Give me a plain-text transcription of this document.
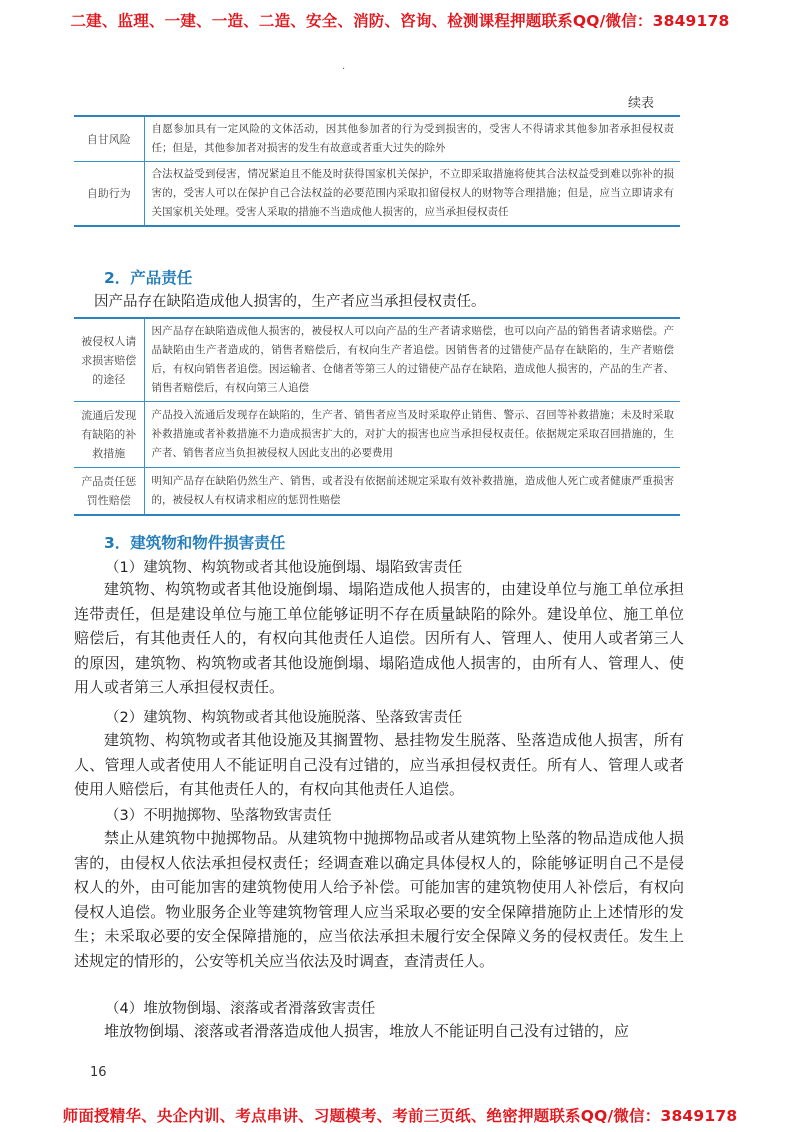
二建、监理、一建、一造、二造、安全、消防、咨询、检测课程押题联系QQ/微信：3849178
·
续表
自甘风险	自愿参加具有一定风险的文体活动，因其他参加者的行为受到损害的，受害人不得请求其他参加者承担侵权责任；但是，其他参加者对损害的发生有故意或者重大过失的除外
自助行为	合法权益受到侵害，情况紧迫且不能及时获得国家机关保护，不立即采取措施将使其合法权益受到难以弥补的损害的，受害人可以在保护自己合法权益的必要范围内采取扣留侵权人的财物等合理措施；但是，应当立即请求有关国家机关处理。受害人采取的措施不当造成他人损害的，应当承担侵权责任
2．产品责任
因产品存在缺陷造成他人损害的，生产者应当承担侵权责任。
被侵权人请求损害赔偿的途径	因产品存在缺陷造成他人损害的，被侵权人可以向产品的生产者请求赔偿，也可以向产品的销售者请求赔偿。产品缺陷由生产者造成的，销售者赔偿后，有权向生产者追偿。因销售者的过错使产品存在缺陷的，生产者赔偿后，有权向销售者追偿。因运输者、仓储者等第三人的过错使产品存在缺陷，造成他人损害的，产品的生产者、销售者赔偿后，有权向第三人追偿
流通后发现有缺陷的补救措施	产品投入流通后发现存在缺陷的，生产者、销售者应当及时采取停止销售、警示、召回等补救措施；未及时采取补救措施或者补救措施不力造成损害扩大的，对扩大的损害也应当承担侵权责任。依据规定采取召回措施的，生产者、销售者应当负担被侵权人因此支出的必要费用
产品责任惩罚性赔偿	明知产品存在缺陷仍然生产、销售，或者没有依据前述规定采取有效补救措施，造成他人死亡或者健康严重损害的，被侵权人有权请求相应的惩罚性赔偿
3．建筑物和物件损害责任
（1）建筑物、构筑物或者其他设施倒塌、塌陷致害责任
建筑物、构筑物或者其他设施倒塌、塌陷造成他人损害的，由建设单位与施工单位承担连带责任，但是建设单位与施工单位能够证明不存在质量缺陷的除外。建设单位、施工单位赔偿后，有其他责任人的，有权向其他责任人追偿。因所有人、管理人、使用人或者第三人的原因，建筑物、构筑物或者其他设施倒塌、塌陷造成他人损害的，由所有人、管理人、使用人或者第三人承担侵权责任。
（2）建筑物、构筑物或者其他设施脱落、坠落致害责任
建筑物、构筑物或者其他设施及其搁置物、悬挂物发生脱落、坠落造成他人损害，所有人、管理人或者使用人不能证明自己没有过错的，应当承担侵权责任。所有人、管理人或者使用人赔偿后，有其他责任人的，有权向其他责任人追偿。
（3）不明抛掷物、坠落物致害责任
禁止从建筑物中抛掷物品。从建筑物中抛掷物品或者从建筑物上坠落的物品造成他人损害的，由侵权人依法承担侵权责任；经调查难以确定具体侵权人的，除能够证明自己不是侵权人的外，由可能加害的建筑物使用人给予补偿。可能加害的建筑物使用人补偿后，有权向侵权人追偿。物业服务企业等建筑物管理人应当采取必要的安全保障措施防止上述情形的发生；未采取必要的安全保障措施的，应当依法承担未履行安全保障义务的侵权责任。发生上述规定的情形的，公安等机关应当依法及时调查，查清责任人。
（4）堆放物倒塌、滚落或者滑落致害责任
堆放物倒塌、滚落或者滑落造成他人损害，堆放人不能证明自己没有过错的，应
16
师面授精华、央企内训、考点串讲、习题模考、考前三页纸、绝密押题联系QQ/微信：3849178
